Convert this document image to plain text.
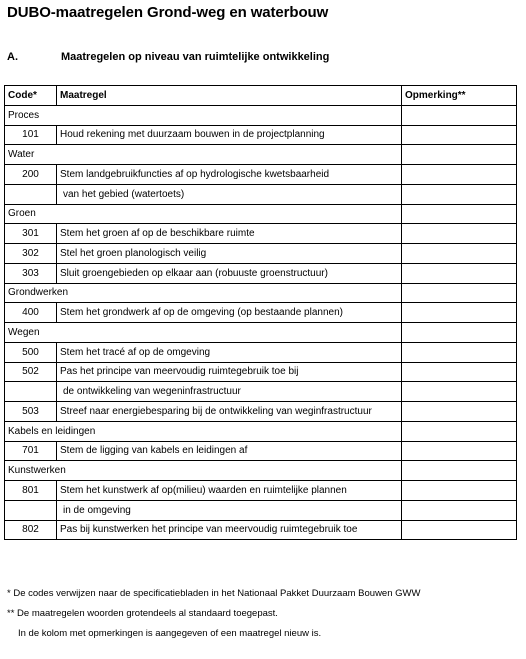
DUBO-maatregelen Grond-weg en waterbouw
A.	Maatregelen op niveau van ruimtelijke ontwikkeling
Code*	Maatregel	Opmerking**
Proces		
101	Houd rekening met duurzaam bouwen in de projectplanning	
Water		
200	Stem landgebruikfuncties af op hydrologische kwetsbaarheid	
	van het gebied (watertoets)	
Groen		
301	Stem het groen af op de beschikbare ruimte	
302	Stel het groen planologisch veilig	
303	Sluit groengebieden op elkaar aan (robuuste groenstructuur)	
Grondwerken		
400	Stem het grondwerk af op de omgeving (op bestaande plannen)	
Wegen		
500	Stem het tracé af op de omgeving	
502	Pas het principe van meervoudig ruimtegebruik toe bij	
	de ontwikkeling van wegeninfrastructuur	
503	Streef naar energiebesparing bij de ontwikkeling van weginfrastructuur	
Kabels en leidingen		
701	Stem de ligging van kabels en leidingen af	
Kunstwerken		
801	Stem het kunstwerk af op(milieu) waarden en ruimtelijke plannen	
	in de omgeving	
802	Pas bij kunstwerken het principe van meervoudig ruimtegebruik toe	
* De codes verwijzen naar de specificatiebladen in het Nationaal Pakket Duurzaam Bouwen GWW
** De maatregelen woorden grotendeels al standaard toegepast.
In de kolom met opmerkingen is aangegeven of een maatregel nieuw is.
